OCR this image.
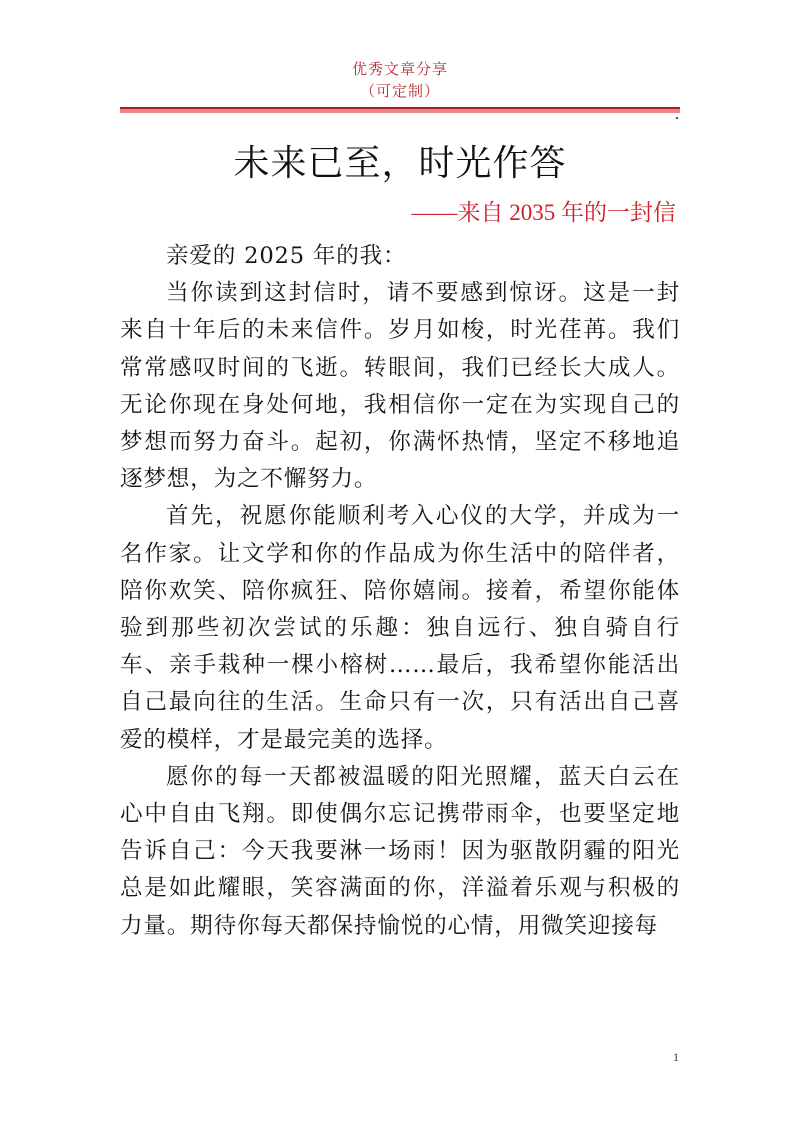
优秀文章分享
（可定制）
未来已至，时光作答
——来自 2035 年的一封信

亲爱的 2025 年的我：

当你读到这封信时，请不要感到惊讶。这是一封来自十年后的未来信件。岁月如梭，时光荏苒。我们常常感叹时间的飞逝。转眼间，我们已经长大成人。无论你现在身处何地，我相信你一定在为实现自己的梦想而努力奋斗。起初，你满怀热情，坚定不移地追逐梦想，为之不懈努力。

首先，祝愿你能顺利考入心仪的大学，并成为一名作家。让文学和你的作品成为你生活中的陪伴者，陪你欢笑、陪你疯狂、陪你嬉闹。接着，希望你能体验到那些初次尝试的乐趣：独自远行、独自骑自行车、亲手栽种一棵小榕树……最后，我希望你能活出自己最向往的生活。生命只有一次，只有活出自己喜爱的模样，才是最完美的选择。

愿你的每一天都被温暖的阳光照耀，蓝天白云在心中自由飞翔。即使偶尔忘记携带雨伞，也要坚定地告诉自己：今天我要淋一场雨！因为驱散阴霾的阳光总是如此耀眼，笑容满面的你，洋溢着乐观与积极的力量。期待你每天都保持愉悦的心情，用微笑迎接每

1
